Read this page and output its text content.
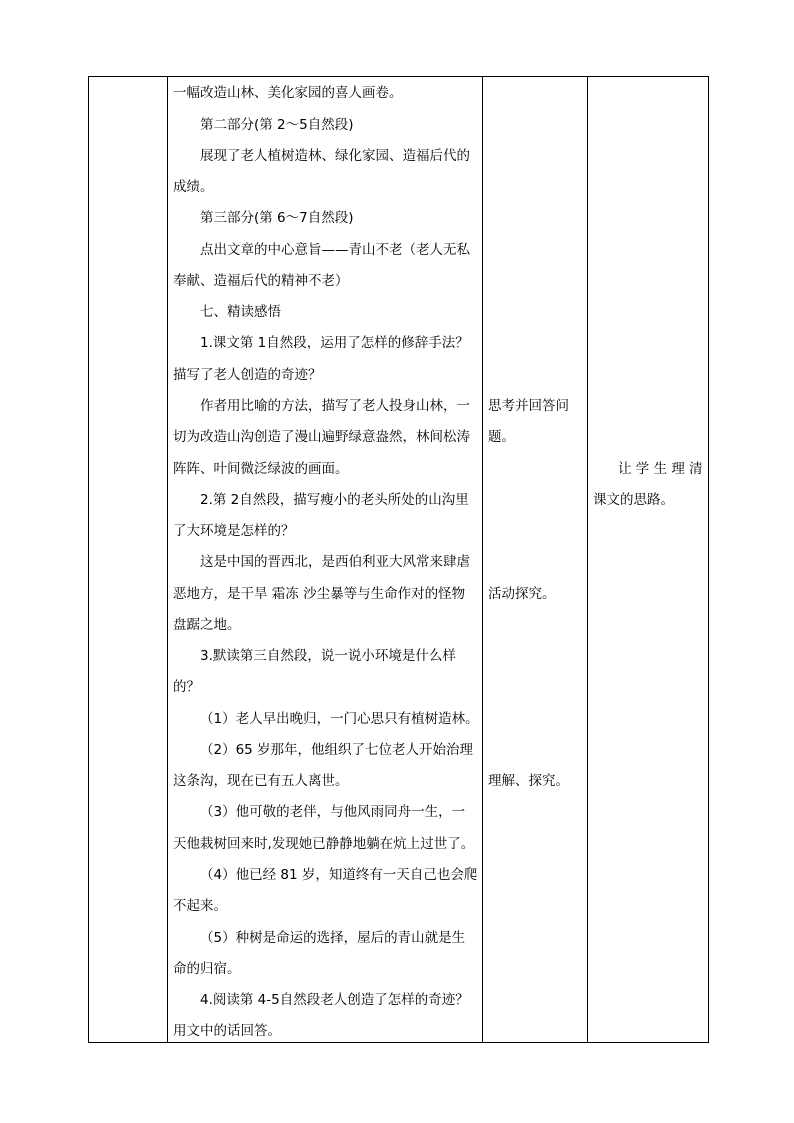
一幅改造山林、美化家园的喜人画卷。
第二部分(第 2～5自然段)
展现了老人植树造林、绿化家园、造福后代的
成绩。
第三部分(第 6～7自然段)
点出文章的中心意旨——青山不老（老人无私
奉献、造福后代的精神不老）
七、精读感悟
1.课文第 1自然段，运用了怎样的修辞手法？
描写了老人创造的奇迹？
作者用比喻的方法，描写了老人投身山林，一
切为改造山沟创造了漫山遍野绿意盎然，林间松涛
阵阵、叶间微泛绿波的画面。
2.第 2自然段，描写瘦小的老头所处的山沟里
了大环境是怎样的？
这是中国的晋西北，是西伯利亚大风常来肆虐
恶地方，是干旱 霜冻 沙尘暴等与生命作对的怪物
盘踞之地。
3.默读第三自然段，说一说小环境是什么样
的？
（1）老人早出晚归，一门心思只有植树造林。
（2）65 岁那年，他组织了七位老人开始治理
这条沟，现在已有五人离世。
（3）他可敬的老伴，与他风雨同舟一生，一
天他栽树回来时,发现她已静静地躺在炕上过世了。
（4）他已经 81 岁，知道终有一天自己也会爬
不起来。
（5）种树是命运的选择，屋后的青山就是生
命的归宿。
4.阅读第 4-5自然段老人创造了怎样的奇迹？
用文中的话回答。

思考并回答问
题。
活动探究。
理解、探究。

让 学 生 理 清
课文的思路。
